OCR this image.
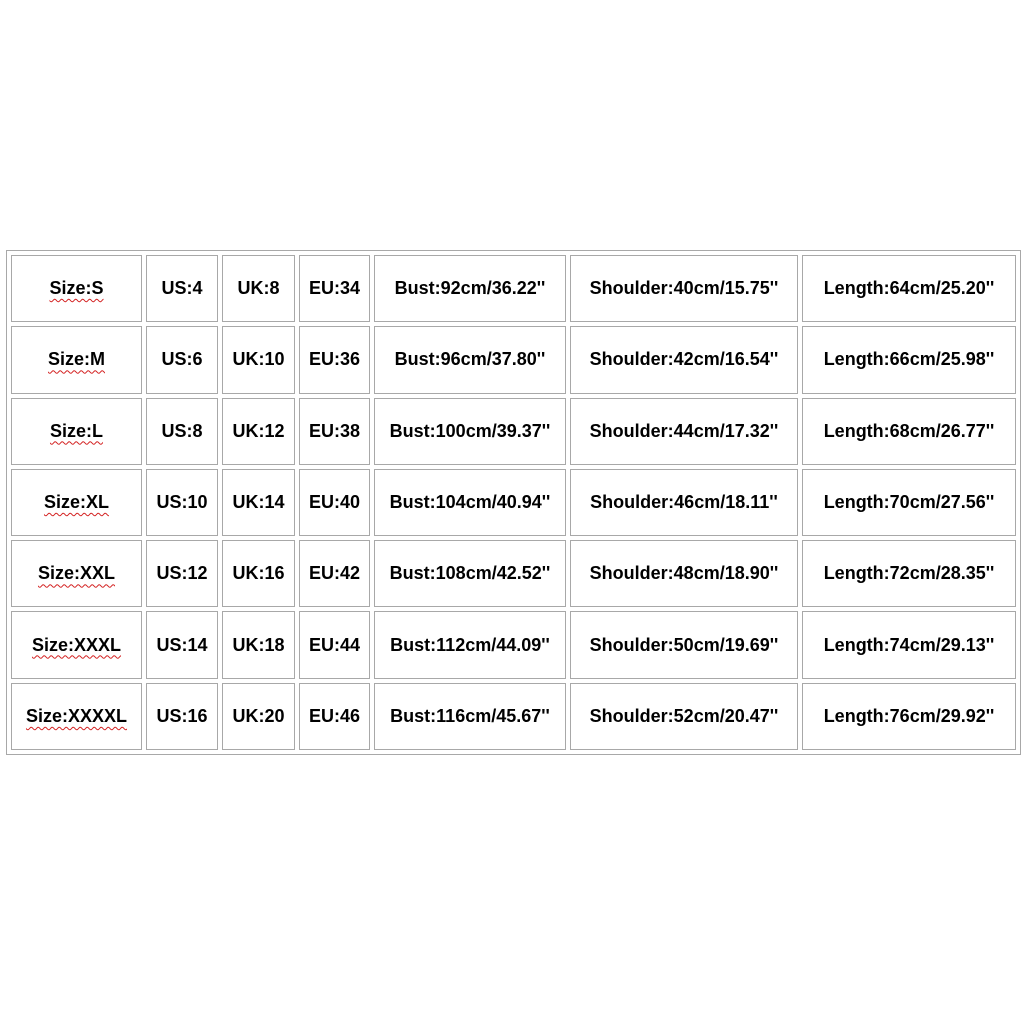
Size:S	US:4	UK:8	EU:34	Bust:92cm/36.22''	Shoulder:40cm/15.75''	Length:64cm/25.20''
Size:M	US:6	UK:10	EU:36	Bust:96cm/37.80''	Shoulder:42cm/16.54''	Length:66cm/25.98''
Size:L	US:8	UK:12	EU:38	Bust:100cm/39.37''	Shoulder:44cm/17.32''	Length:68cm/26.77''
Size:XL	US:10	UK:14	EU:40	Bust:104cm/40.94''	Shoulder:46cm/18.11''	Length:70cm/27.56''
Size:XXL	US:12	UK:16	EU:42	Bust:108cm/42.52''	Shoulder:48cm/18.90''	Length:72cm/28.35''
Size:XXXL	US:14	UK:18	EU:44	Bust:112cm/44.09''	Shoulder:50cm/19.69''	Length:74cm/29.13''
Size:XXXXL	US:16	UK:20	EU:46	Bust:116cm/45.67''	Shoulder:52cm/20.47''	Length:76cm/29.92''
